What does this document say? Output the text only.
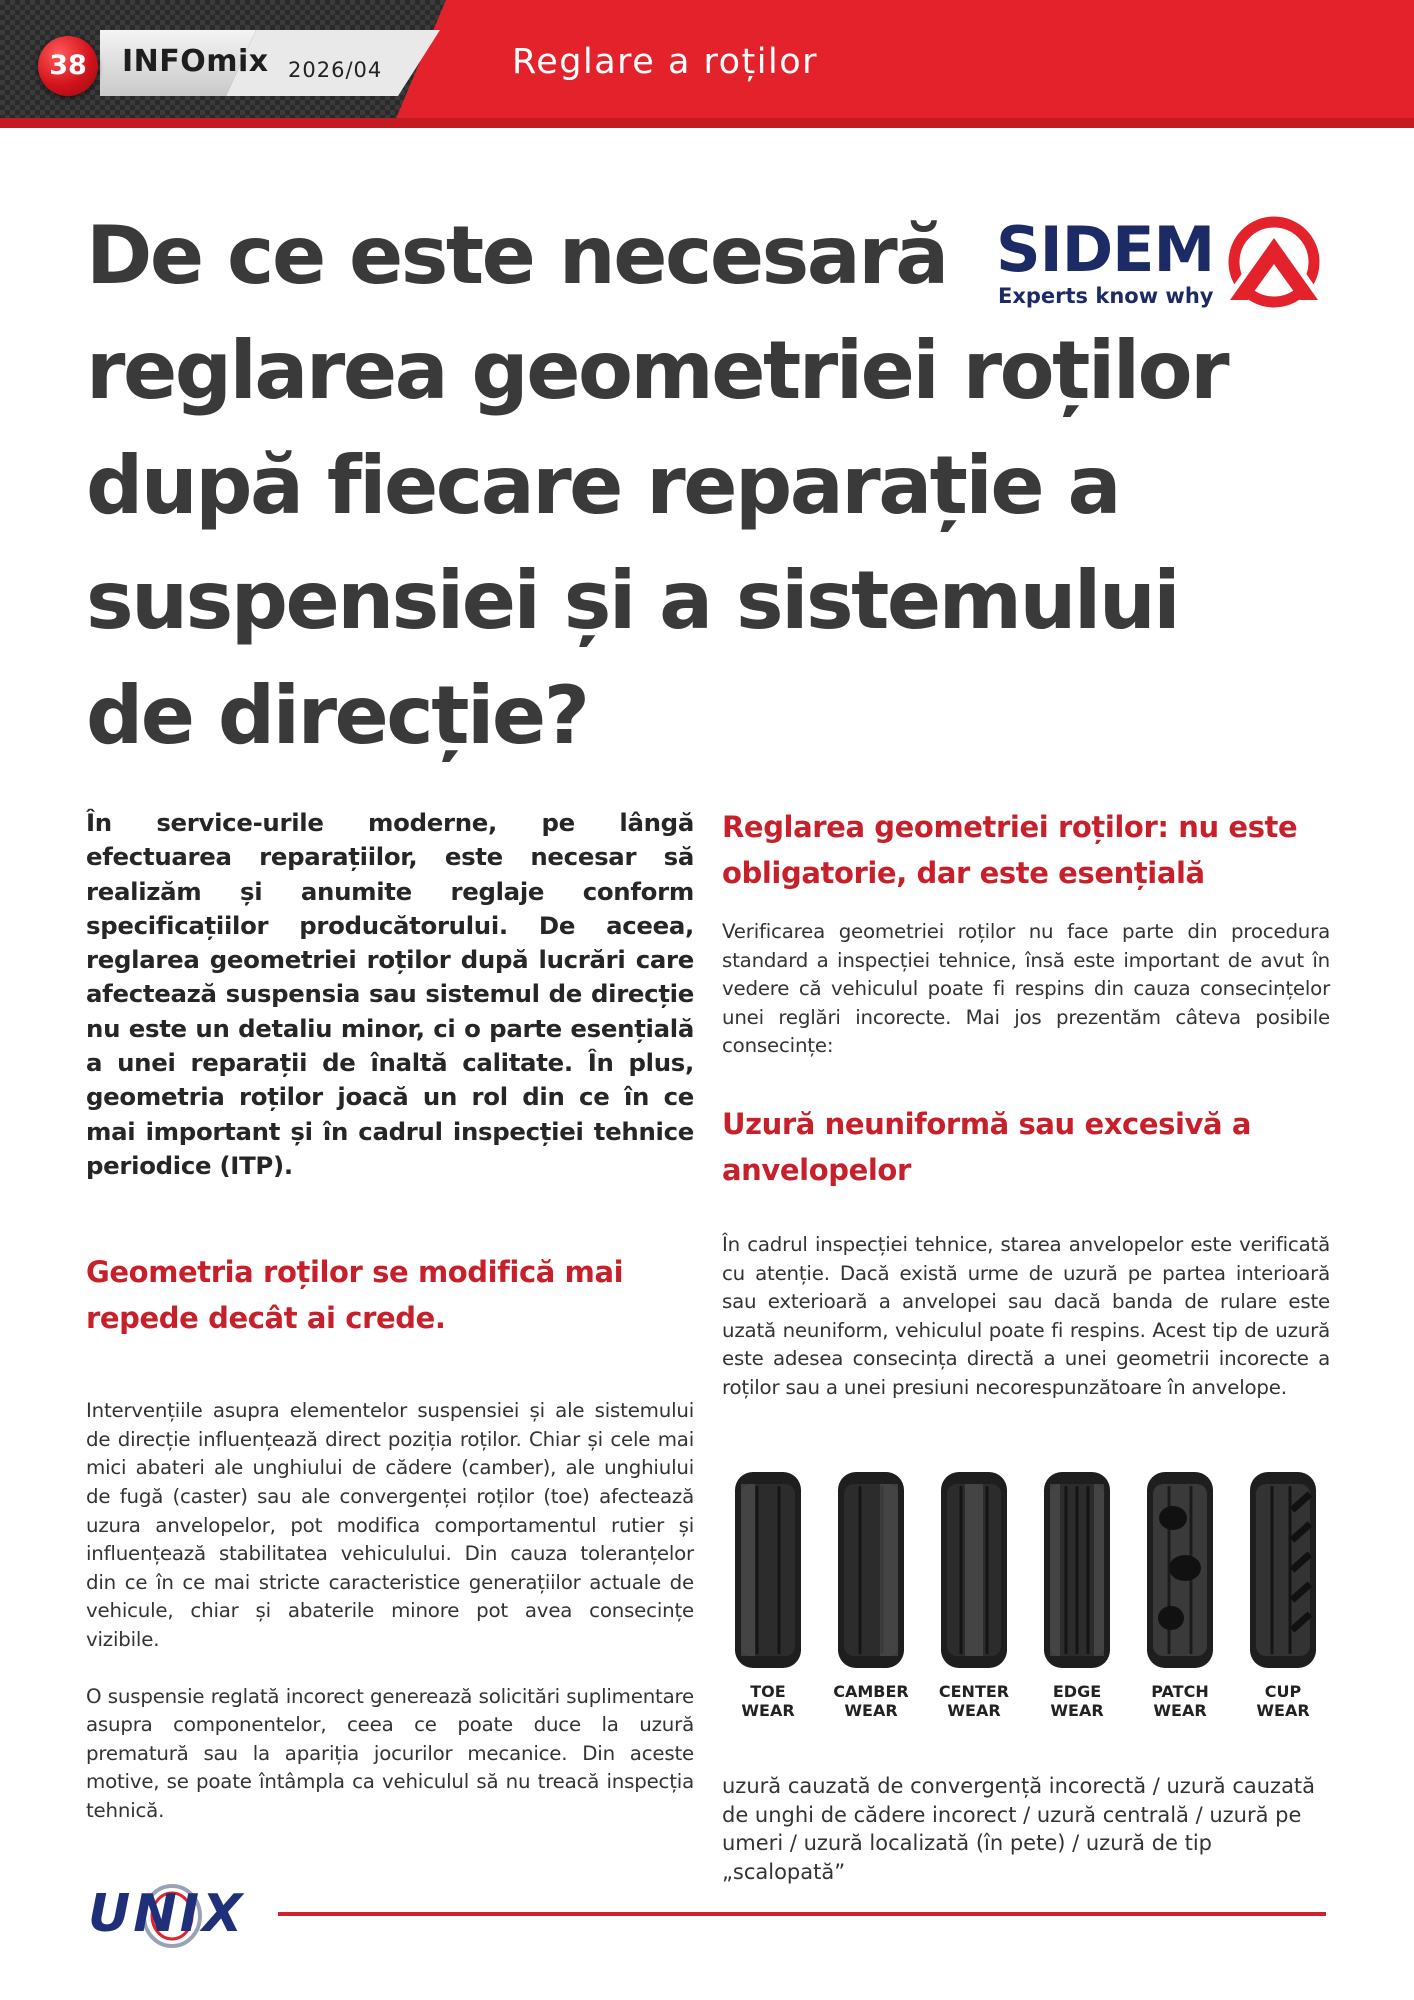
38	INFOmix 2026/04	Reglare a roților
De ce este necesară reglarea geometriei roților după fiecare reparație a suspensiei și a sistemului de direcție?
SIDEM
Experts know why

În service-urile moderne, pe lângă efectuarea reparațiilor, este necesar să realizăm și anumite reglaje conform specificațiilor producătorului. De aceea, reglarea geometriei roților după lucrări care afectează suspensia sau sistemul de direcție nu este un detaliu minor, ci o parte esențială a unei reparații de înaltă calitate. În plus, geometria roților joacă un rol din ce în ce mai important și în cadrul inspecției tehnice periodice (ITP).

Geometria roților se modifică mai repede decât ai crede.

Intervențiile asupra elementelor suspensiei și ale sistemului de direcție influențează direct poziția roților. Chiar și cele mai mici abateri ale unghiului de cădere (camber), ale unghiului de fugă (caster) sau ale convergenței roților (toe) afectează uzura anvelopelor, pot modifica comportamentul rutier și influențează stabilitatea vehiculului. Din cauza toleranțelor din ce în ce mai stricte caracteristice generațiilor actuale de vehicule, chiar și abaterile minore pot avea consecințe vizibile.

O suspensie reglată incorect generează solicitări suplimentare asupra componentelor, ceea ce poate duce la uzură prematură sau la apariția jocurilor mecanice. Din aceste motive, se poate întâmpla ca vehiculul să nu treacă inspecția tehnică.

Reglarea geometriei roților: nu este obligatorie, dar este esențială

Verificarea geometriei roților nu face parte din procedura standard a inspecției tehnice, însă este important de avut în vedere că vehiculul poate fi respins din cauza consecințelor unei reglări incorecte. Mai jos prezentăm câteva posibile consecințe:

Uzură neuniformă sau excesivă a anvelopelor

În cadrul inspecției tehnice, starea anvelopelor este verificată cu atenție. Dacă există urme de uzură pe partea interioară sau exterioară a anvelopei sau dacă banda de rulare este uzată neuniform, vehiculul poate fi respins. Acest tip de uzură este adesea consecința directă a unei geometrii incorecte a roților sau a unei presiuni necorespunzătoare în anvelope.

TOE
WEAR
CAMBER
WEAR
CENTER
WEAR
EDGE
WEAR
PATCH
WEAR
CUP
WEAR

uzură cauzată de convergență incorectă / uzură cauzată de unghi de cădere incorect / uzură centrală / uzură pe umeri / uzură localizată (în pete) / uzură de tip „scalopată”

UNIX
